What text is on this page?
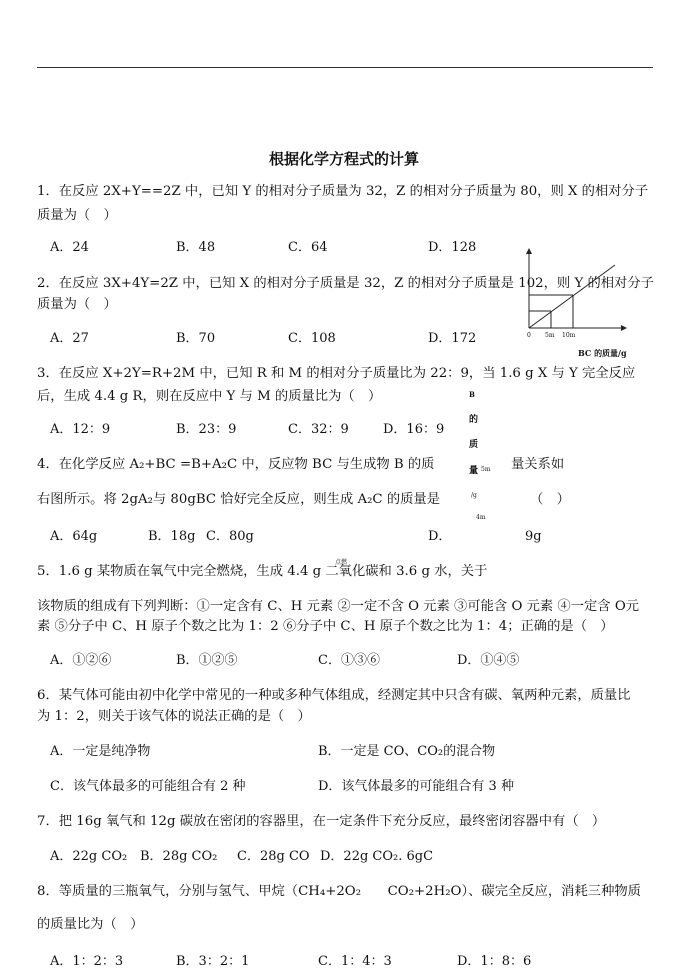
根据化学方程式的计算
1．在反应 2X+Y==2Z 中，已知 Y 的相对分子质量为 32，Z 的相对分子质量为 80，则 X 的相对分子
质量为（　）
A．24	B．48	C．64	D．128
0 5m 10m
BC 的质量/g
B
的
质
量 5m
/g
4m
2．在反应 3X+4Y=2Z 中，已知 X 的相对分子质量是 32，Z 的相对分子质量是 102，则 Y 的相对分子
质量为（　）
A．27	B．70	C．108	D．172
3．在反应 X+2Y=R+2M 中，已知 R 和 M 的相对分子质量比为 22：9，当 1.6 g X 与 Y 完全反应
后，生成 4.4 g R，则在反应中 Y 与 M 的质量比为（　）
A．12：9	B．23：9	C．32：9	D．16：9
4．在化学反应 A₂+BC =B+A₂C 中，反应物 BC 与生成物 B 的质	量关系如
右图所示。将 2gA₂与 80gBC 恰好完全反应，则生成 A₂C 的质量是	（　）
A．64g	B．18g C．80g	D．	9g
点燃
5．1.6 g 某物质在氧气中完全燃烧，生成 4.4 g 二氧化碳和 3.6 g 水，关于
该物质的组成有下列判断：①一定含有 C、H 元素 ②一定不含 O 元素 ③可能含 O 元素 ④一定含 O元
素 ⑤分子中 C、H 原子个数之比为 1：2 ⑥分子中 C、H 原子个数之比为 1：4；正确的是（　）
A．①②⑥	B．①②⑤	C．①③⑥	D．①④⑤
6．某气体可能由初中化学中常见的一种或多种气体组成，经测定其中只含有碳、氧两种元素，质量比
为 1：2，则关于该气体的说法正确的是（　）
A．一定是纯净物	B．一定是 CO、CO₂的混合物
C．该气体最多的可能组合有 2 种	D．该气体最多的可能组合有 3 种
7．把 16g 氧气和 12g 碳放在密闭的容器里，在一定条件下充分反应，最终密闭容器中有（　）
A．22g CO₂ B．28g CO₂ C．28g CO D．22g CO₂. 6gC
8．等质量的三瓶氧气，分别与氢气、甲烷（CH₄+2O₂　　CO₂+2H₂O）、碳完全反应，消耗三种物质
的质量比为（　）
A．1：2：3	B．3：2：1	C．1：4：3	D．1：8：6
